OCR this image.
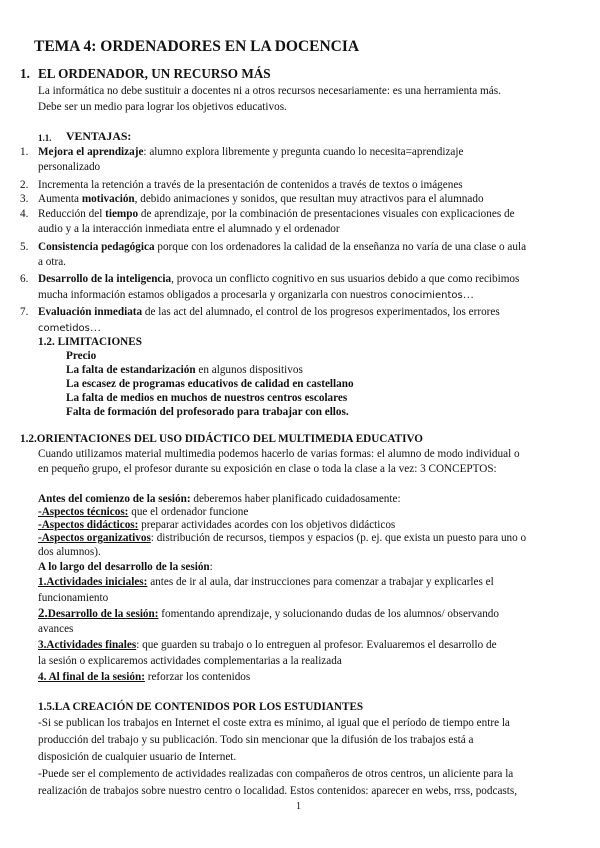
TEMA 4: ORDENADORES EN LA DOCENCIA
1. EL ORDENADOR, UN RECURSO MÁS
La informática no debe sustituir a docentes ni a otros recursos necesariamente: es una herramienta más.
Debe ser un medio para lograr los objetivos educativos.
1.1. VENTAJAS:
1. Mejora el aprendizaje: alumno explora libremente y pregunta cuando lo necesita=aprendizaje
personalizado
2. Incrementa la retención a través de la presentación de contenidos a través de textos o imágenes
3. Aumenta motivación, debido animaciones y sonidos, que resultan muy atractivos para el alumnado
4. Reducción del tiempo de aprendizaje, por la combinación de presentaciones visuales con explicaciones de
audio y a la interacción inmediata entre el alumnado y el ordenador
5. Consistencia pedagógica porque con los ordenadores la calidad de la enseñanza no varía de una clase o aula
a otra.
6. Desarrollo de la inteligencia, provoca un conflicto cognitivo en sus usuarios debido a que como recibimos
mucha información estamos obligados a procesarla y organizarla con nuestros conocimientos…
7. Evaluación inmediata de las act del alumnado, el control de los progresos experimentados, los errores
cometidos…
1.2. LIMITACIONES
Precio
La falta de estandarización en algunos dispositivos
La escasez de programas educativos de calidad en castellano
La falta de medios en muchos de nuestros centros escolares
Falta de formación del profesorado para trabajar con ellos.
1.2.ORIENTACIONES DEL USO DIDÁCTICO DEL MULTIMEDIA EDUCATIVO
Cuando utilizamos material multimedia podemos hacerlo de varias formas: el alumno de modo individual o
en pequeño grupo, el profesor durante su exposición en clase o toda la clase a la vez: 3 CONCEPTOS:
Antes del comienzo de la sesión: deberemos haber planificado cuidadosamente:
-Aspectos técnicos: que el ordenador funcione
-Aspectos didácticos: preparar actividades acordes con los objetivos didácticos
-Aspectos organizativos: distribución de recursos, tiempos y espacios (p. ej. que exista un puesto para uno o
dos alumnos).
A lo largo del desarrollo de la sesión:
1.Actividades iniciales: antes de ir al aula, dar instrucciones para comenzar a trabajar y explicarles el
funcionamiento
2.Desarrollo de la sesión: fomentando aprendizaje, y solucionando dudas de los alumnos/ observando
avances
3.Actividades finales: que guarden su trabajo o lo entreguen al profesor. Evaluaremos el desarrollo de
la sesión o explicaremos actividades complementarias a la realizada
4. Al final de la sesión: reforzar los contenidos
1.5.LA CREACIÓN DE CONTENIDOS POR LOS ESTUDIANTES
-Si se publican los trabajos en Internet el coste extra es mínimo, al igual que el período de tiempo entre la
producción del trabajo y su publicación. Todo sin mencionar que la difusión de los trabajos está a
disposición de cualquier usuario de Internet.
-Puede ser el complemento de actividades realizadas con compañeros de otros centros, un aliciente para la
realización de trabajos sobre nuestro centro o localidad. Estos contenidos: aparecer en webs, rrss, podcasts,
1
